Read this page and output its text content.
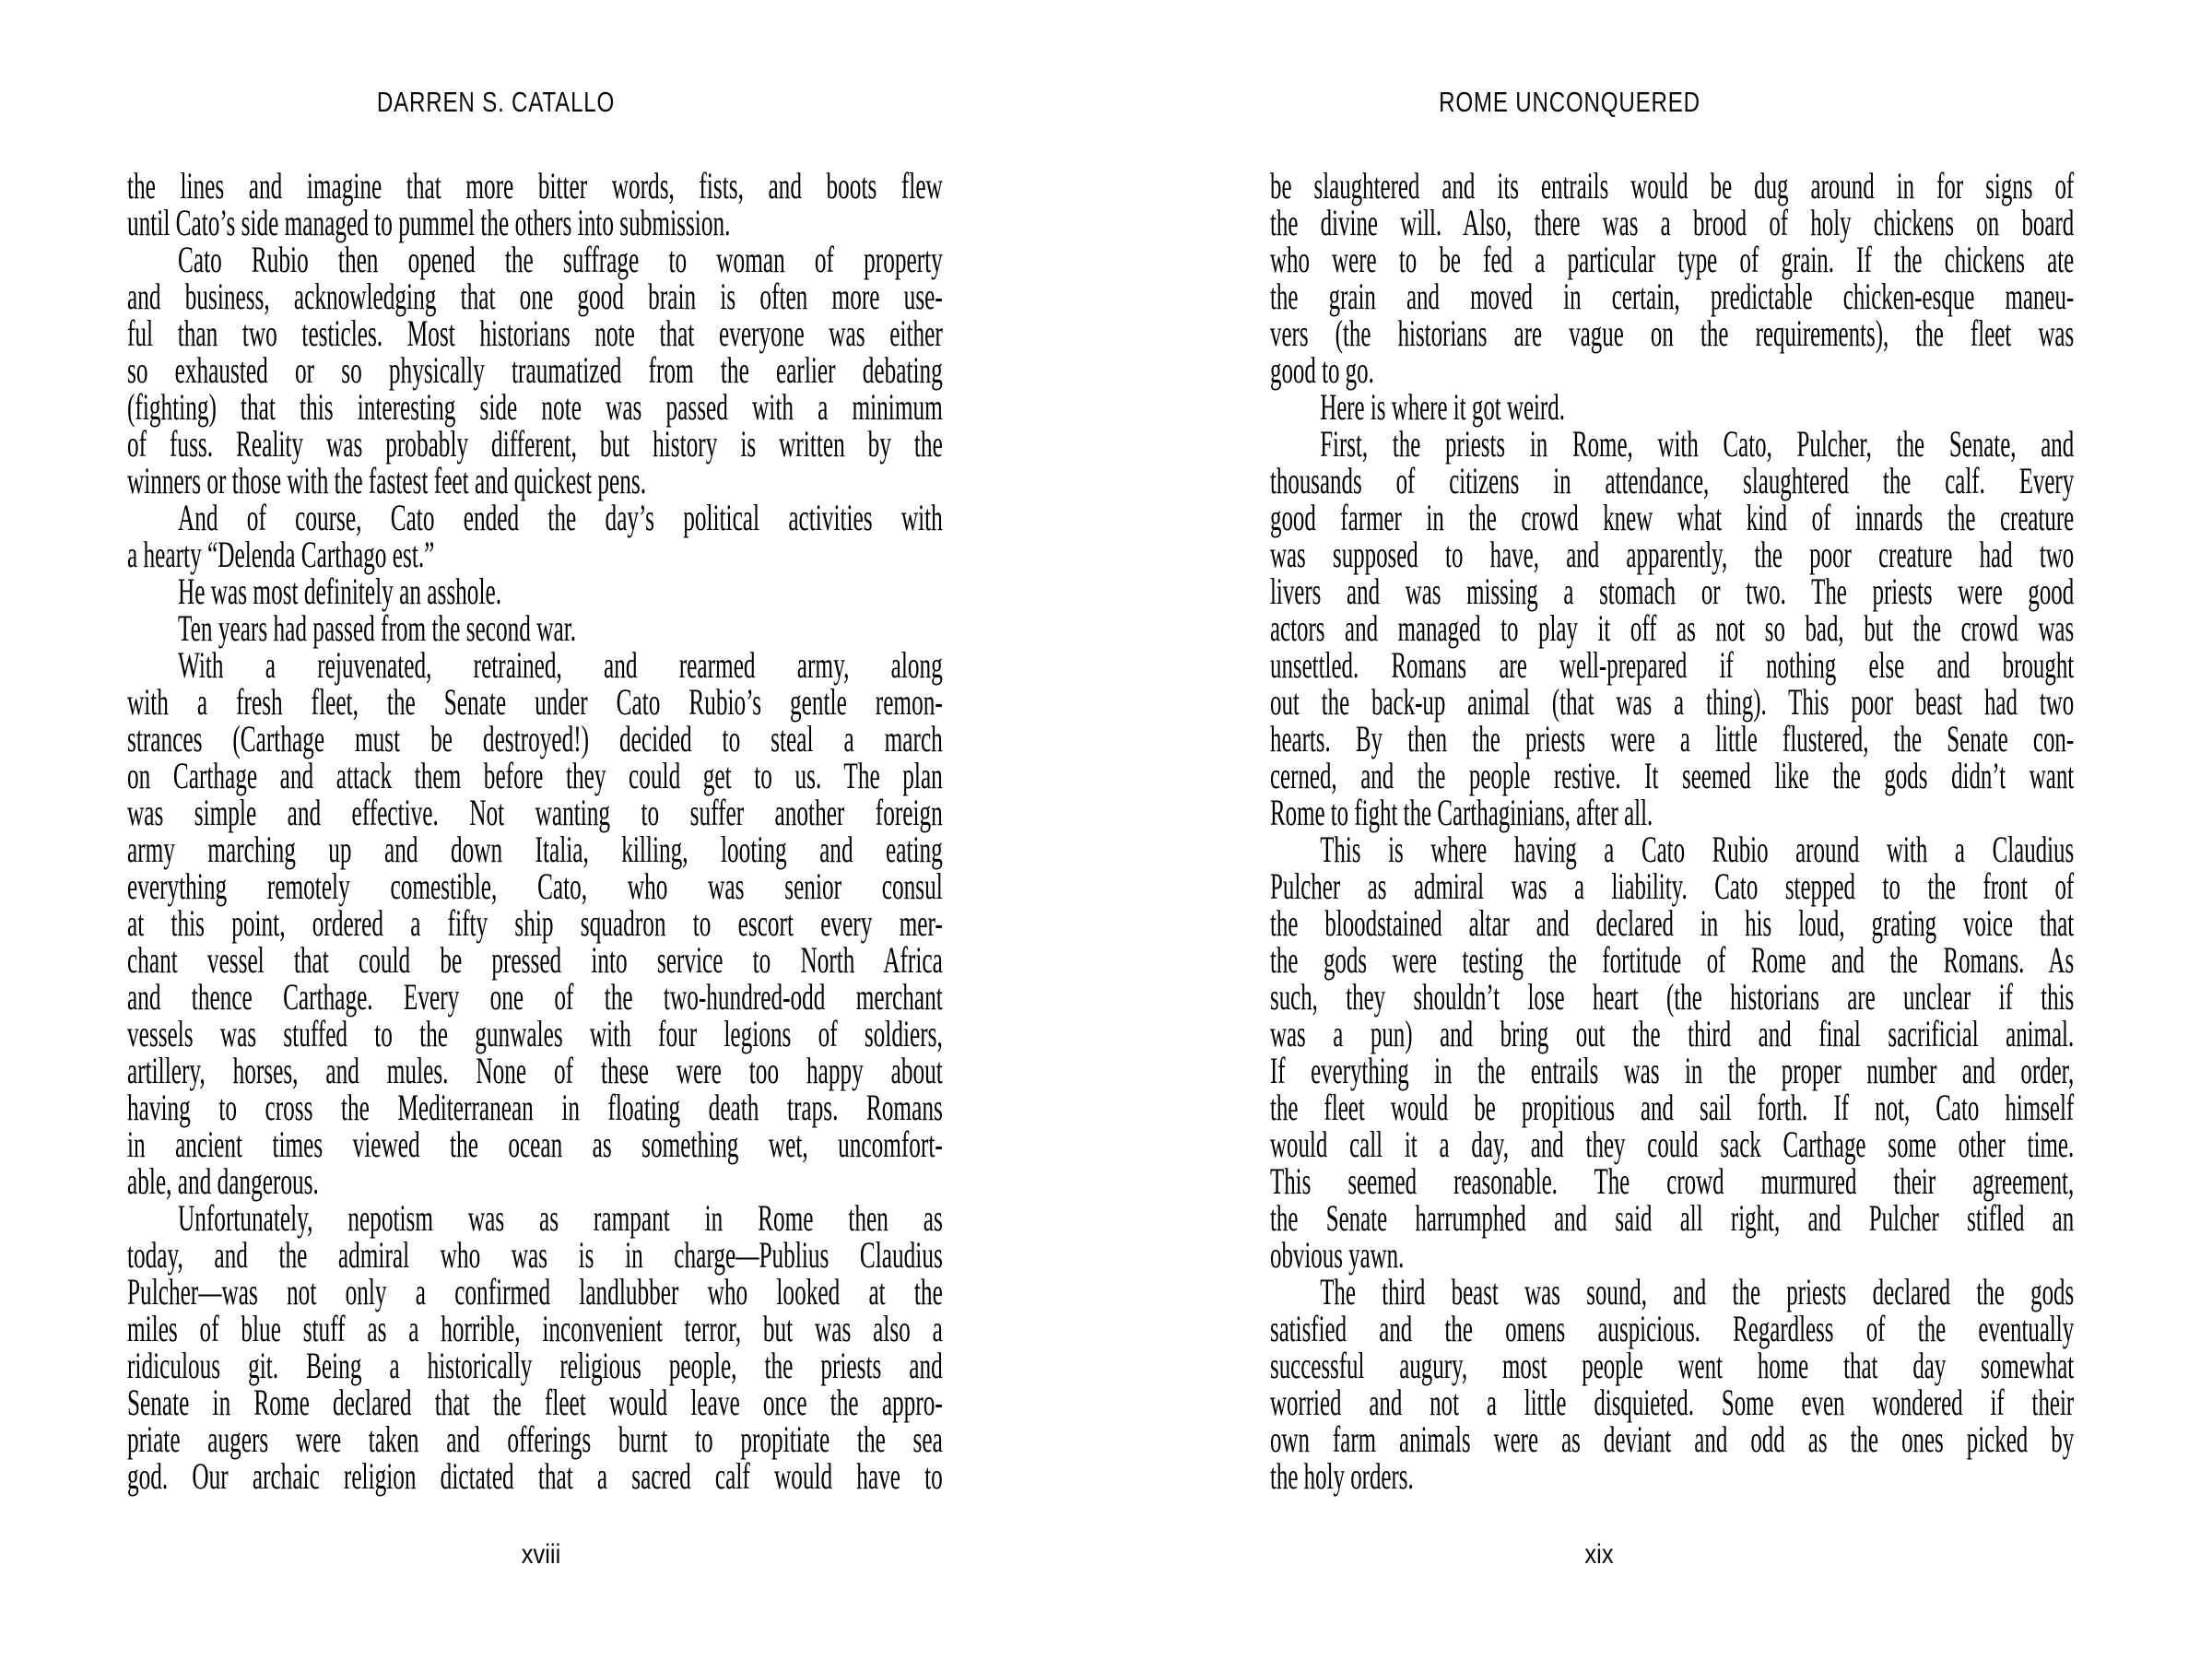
DARREN S. CATALLO	ROME UNCONQUERED
the lines and imagine that more bitter words, fists, and boots flew
until Cato’s side managed to pummel the others into submission.
Cato Rubio then opened the suffrage to woman of property
and business, acknowledging that one good brain is often more use-
ful than two testicles. Most historians note that everyone was either
so exhausted or so physically traumatized from the earlier debating
(fighting) that this interesting side note was passed with a minimum
of fuss. Reality was probably different, but history is written by the
winners or those with the fastest feet and quickest pens.
And of course, Cato ended the day’s political activities with
a hearty “Delenda Carthago est.”
He was most definitely an asshole.
Ten years had passed from the second war.
With a rejuvenated, retrained, and rearmed army, along
with a fresh fleet, the Senate under Cato Rubio’s gentle remon-
strances (Carthage must be destroyed!) decided to steal a march
on Carthage and attack them before they could get to us. The plan
was simple and effective. Not wanting to suffer another foreign
army marching up and down Italia, killing, looting and eating
everything remotely comestible, Cato, who was senior consul
at this point, ordered a fifty ship squadron to escort every mer-
chant vessel that could be pressed into service to North Africa
and thence Carthage. Every one of the two-hundred-odd merchant
vessels was stuffed to the gunwales with four legions of soldiers,
artillery, horses, and mules. None of these were too happy about
having to cross the Mediterranean in floating death traps. Romans
in ancient times viewed the ocean as something wet, uncomfort-
able, and dangerous.
Unfortunately, nepotism was as rampant in Rome then as
today, and the admiral who was is in charge—Publius Claudius
Pulcher—was not only a confirmed landlubber who looked at the
miles of blue stuff as a horrible, inconvenient terror, but was also a
ridiculous git. Being a historically religious people, the priests and
Senate in Rome declared that the fleet would leave once the appro-
priate augers were taken and offerings burnt to propitiate the sea
god. Our archaic religion dictated that a sacred calf would have to
be slaughtered and its entrails would be dug around in for signs of
the divine will. Also, there was a brood of holy chickens on board
who were to be fed a particular type of grain. If the chickens ate
the grain and moved in certain, predictable chicken-esque maneu-
vers (the historians are vague on the requirements), the fleet was
good to go.
Here is where it got weird.
First, the priests in Rome, with Cato, Pulcher, the Senate, and
thousands of citizens in attendance, slaughtered the calf. Every
good farmer in the crowd knew what kind of innards the creature
was supposed to have, and apparently, the poor creature had two
livers and was missing a stomach or two. The priests were good
actors and managed to play it off as not so bad, but the crowd was
unsettled. Romans are well-prepared if nothing else and brought
out the back-up animal (that was a thing). This poor beast had two
hearts. By then the priests were a little flustered, the Senate con-
cerned, and the people restive. It seemed like the gods didn’t want
Rome to fight the Carthaginians, after all.
This is where having a Cato Rubio around with a Claudius
Pulcher as admiral was a liability. Cato stepped to the front of
the bloodstained altar and declared in his loud, grating voice that
the gods were testing the fortitude of Rome and the Romans. As
such, they shouldn’t lose heart (the historians are unclear if this
was a pun) and bring out the third and final sacrificial animal.
If everything in the entrails was in the proper number and order,
the fleet would be propitious and sail forth. If not, Cato himself
would call it a day, and they could sack Carthage some other time.
This seemed reasonable. The crowd murmured their agreement,
the Senate harrumphed and said all right, and Pulcher stifled an
obvious yawn.
The third beast was sound, and the priests declared the gods
satisfied and the omens auspicious. Regardless of the eventually
successful augury, most people went home that day somewhat
worried and not a little disquieted. Some even wondered if their
own farm animals were as deviant and odd as the ones picked by
the holy orders.
xviii	xix
